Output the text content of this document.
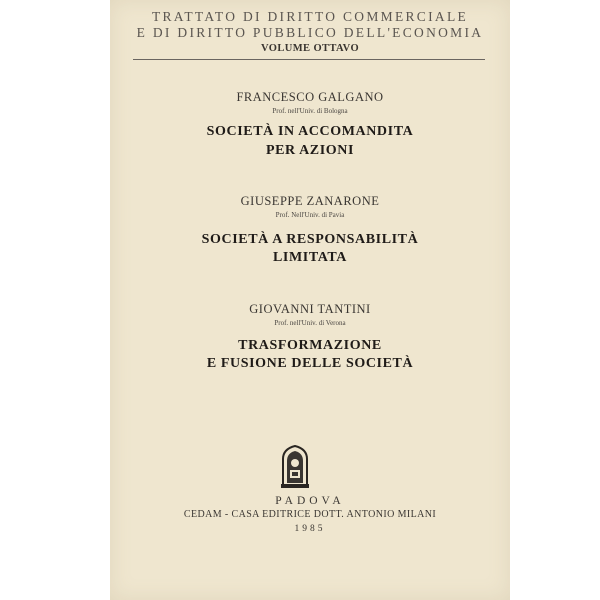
TRATTATO DI DIRITTO COMMERCIALE
E DI DIRITTO PUBBLICO DELL'ECONOMIA
VOLUME OTTAVO
FRANCESCO GALGANO
Prof. nell'Univ. di Bologna
SOCIETÀ IN ACCOMANDITA
PER AZIONI
GIUSEPPE ZANARONE
Prof. Nell'Univ. di Pavia
SOCIETÀ A RESPONSABILITÀ
LIMITATA
GIOVANNI TANTINI
Prof. nell'Univ. di Verona
TRASFORMAZIONE
E FUSIONE DELLE SOCIETÀ
PADOVA
CEDAM - CASA EDITRICE DOTT. ANTONIO MILANI
1985
